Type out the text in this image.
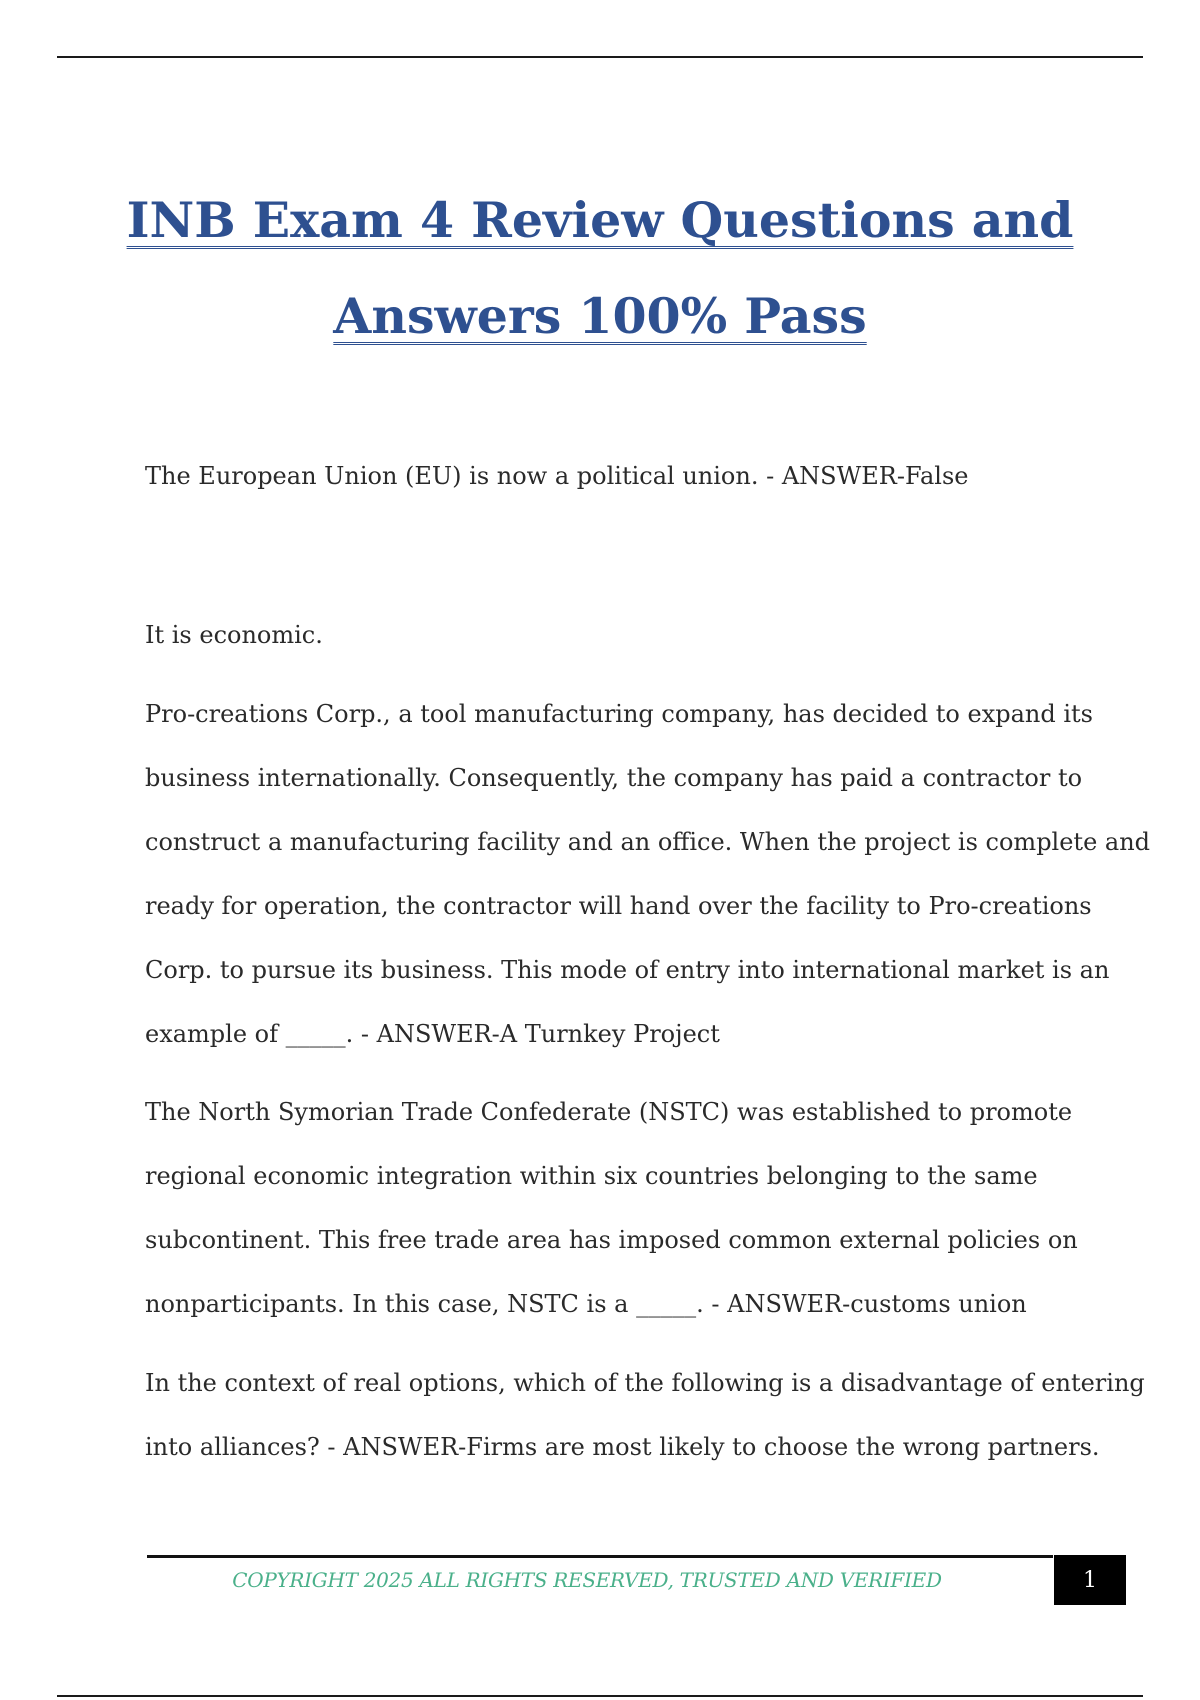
INB Exam 4 Review Questions and
Answers 100% Pass

The European Union (EU) is now a political union. - ANSWER-False

It is economic.

Pro-creations Corp., a tool manufacturing company, has decided to expand its
business internationally. Consequently, the company has paid a contractor to
construct a manufacturing facility and an office. When the project is complete and
ready for operation, the contractor will hand over the facility to Pro-creations
Corp. to pursue its business. This mode of entry into international market is an
example of _____. - ANSWER-A Turnkey Project

The North Symorian Trade Confederate (NSTC) was established to promote
regional economic integration within six countries belonging to the same
subcontinent. This free trade area has imposed common external policies on
nonparticipants. In this case, NSTC is a _____. - ANSWER-customs union

In the context of real options, which of the following is a disadvantage of entering
into alliances? - ANSWER-Firms are most likely to choose the wrong partners.

COPYRIGHT 2025 ALL RIGHTS RESERVED, TRUSTED AND VERIFIED	1
